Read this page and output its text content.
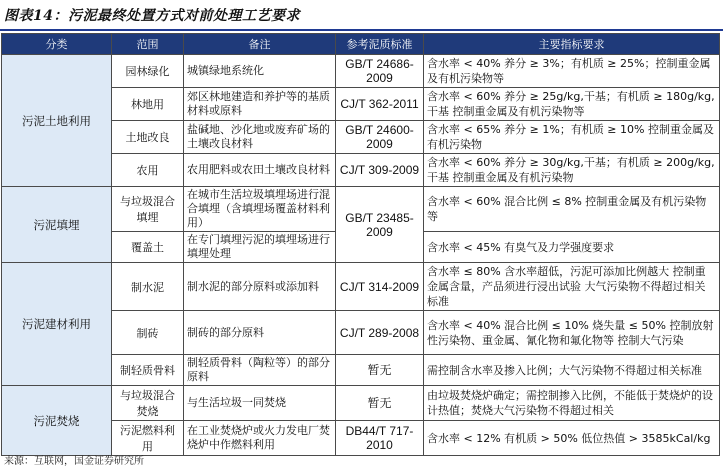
图表14：污泥最终处置方式对前处理工艺要求
分类	范围	备注	参考泥质标准	主要指标要求
污泥土地利用	园林绿化	城镇绿地系统化	GB/T 24686-2009	含水率 < 40% 养分 ≥ 3%；有机质 ≥ 25%；控制重金属及有机污染物等
	林地用	郊区林地建造和养护等的基质材料或原料	CJ/T 362-2011	含水率 < 60% 养分 ≥ 25g/kg,干基；有机质 ≥ 180g/kg,干基 控制重金属及有机污染物等
	土地改良	盐碱地、沙化地或废弃矿场的土壤改良材料	GB/T 24600-2009	含水率 < 65% 养分 ≥ 1%；有机质 ≥ 10% 控制重金属及有机污染物
	农用	农用肥料或农田土壤改良材料	CJ/T 309-2009	含水率 < 60% 养分 ≥ 30g/kg,干基；有机质 ≥ 200g/kg,干基 控制重金属及有机污染物
污泥填埋	与垃圾混合填埋	在城市生活垃圾填埋场进行混合填埋（含填埋场覆盖材料利用）	GB/T 23485-2009	含水率 < 60% 混合比例 ≤ 8% 控制重金属及有机污染物等
	覆盖土	在专门填埋污泥的填埋场进行填埋处理		含水率 < 45% 有臭气及力学强度要求
污泥建材利用	制水泥	制水泥的部分原料或添加料	CJ/T 314-2009	含水率 ≤ 80% 含水率超低，污泥可添加比例越大 控制重金属含量，产品须进行浸出试验 大气污染物不得超过相关标准
	制砖	制砖的部分原料	CJ/T 289-2008	含水率 < 40% 混合比例 ≤ 10% 烧失量 ≤ 50% 控制放射性污染物、重金属、氰化物和氟化物等 控制大气污染
	制轻质骨料	制轻质骨料（陶粒等）的部分原料	暂无	需控制含水率及掺入比例；大气污染物不得超过相关标准
污泥焚烧	与垃圾混合焚烧	与生活垃圾一同焚烧	暂无	由垃圾焚烧炉确定；需控制掺入比例，不能低于焚烧炉的设计热值；焚烧大气污染物不得超过相关
	污泥燃料利用	在工业焚烧炉或火力发电厂焚烧炉中作燃料利用	DB44/T 717-2010	含水率 < 12% 有机质 > 50% 低位热值 > 3585kCal/kg
来源：互联网，国金证券研究所
